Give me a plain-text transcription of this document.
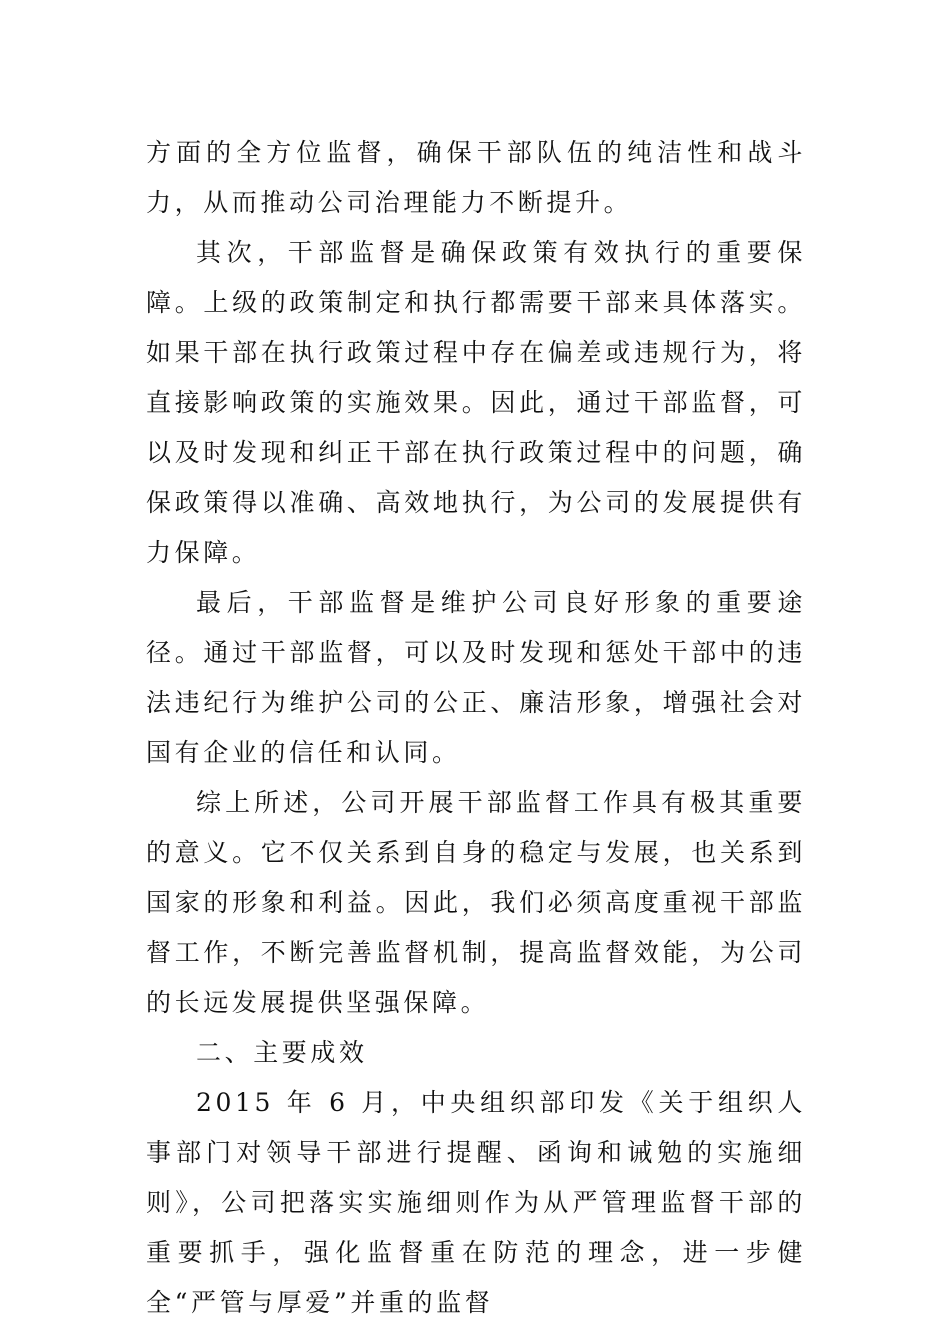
方面的全方位监督，确保干部队伍的纯洁性和战斗力，从而推动公司治理能力不断提升。

其次，干部监督是确保政策有效执行的重要保障。上级的政策制定和执行都需要干部来具体落实。如果干部在执行政策过程中存在偏差或违规行为，将直接影响政策的实施效果。因此，通过干部监督，可以及时发现和纠正干部在执行政策过程中的问题，确保政策得以准确、高效地执行，为公司的发展提供有力保障。

最后，干部监督是维护公司良好形象的重要途径。通过干部监督，可以及时发现和惩处干部中的违法违纪行为维护公司的公正、廉洁形象，增强社会对国有企业的信任和认同。

综上所述，公司开展干部监督工作具有极其重要的意义。它不仅关系到自身的稳定与发展，也关系到国家的形象和利益。因此，我们必须高度重视干部监督工作，不断完善监督机制，提高监督效能，为公司的长远发展提供坚强保障。

二、主要成效

2015 年 6 月，中央组织部印发《关于组织人事部门对领导干部进行提醒、函询和诫勉的实施细则》，公司把落实实施细则作为从严管理监督干部的重要抓手，强化监督重在防范的理念，进一步健全“严管与厚爱”并重的监督
